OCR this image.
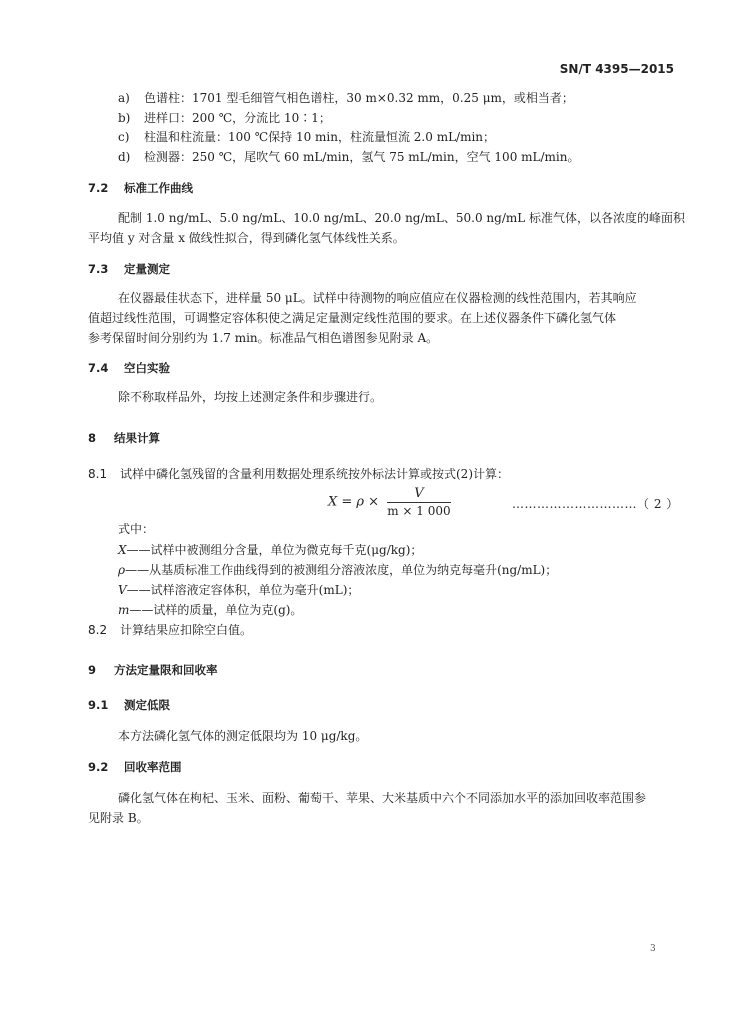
SN/T 4395—2015
a) 色谱柱：1701 型毛细管气相色谱柱，30 m×0.32 mm，0.25 μm，或相当者；
b) 进样口：200 ℃，分流比 10∶1；
c) 柱温和柱流量：100 ℃保持 10 min，柱流量恒流 2.0 mL/min；
d) 检测器：250 ℃，尾吹气 60 mL/min，氢气 75 mL/min，空气 100 mL/min。
7.2 标准工作曲线
配制 1.0 ng/mL、5.0 ng/mL、10.0 ng/mL、20.0 ng/mL、50.0 ng/mL 标准气体，以各浓度的峰面积
平均值 y 对含量 x 做线性拟合，得到磷化氢气体线性关系。
7.3 定量测定
在仪器最佳状态下，进样量 50 μL。试样中待测物的响应值应在仪器检测的线性范围内，若其响应
值超过线性范围，可调整定容体积使之满足定量测定线性范围的要求。在上述仪器条件下磷化氢气体
参考保留时间分别约为 1.7 min。标准品气相色谱图参见附录 A。
7.4 空白实验
除不称取样品外，均按上述测定条件和步骤进行。
8 结果计算
8.1 试样中磷化氢残留的含量利用数据处理系统按外标法计算或按式(2)计算：
$X = \rho \times \frac{V}{m \times 1 000}$	…………………………（ 2 ）
式中：
X——试样中被测组分含量，单位为微克每千克(μg/kg)；
ρ——从基质标准工作曲线得到的被测组分溶液浓度，单位为纳克每毫升(ng/mL)；
V——试样溶液定容体积，单位为毫升(mL)；
m——试样的质量，单位为克(g)。
8.2 计算结果应扣除空白值。
9 方法定量限和回收率
9.1 测定低限
本方法磷化氢气体的测定低限均为 10 μg/kg。
9.2 回收率范围
磷化氢气体在枸杞、玉米、面粉、葡萄干、苹果、大米基质中六个不同添加水平的添加回收率范围参
见附录 B。
3
